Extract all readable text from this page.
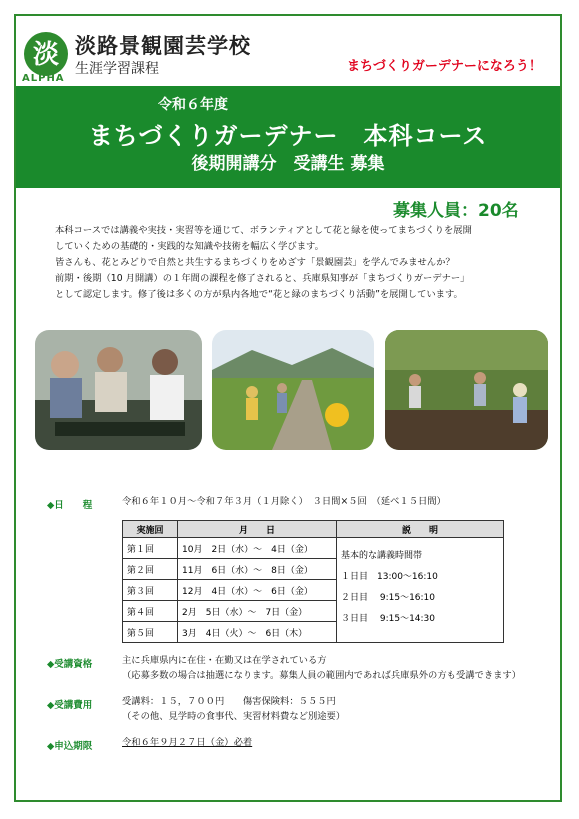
淡
ALPHA
淡路景観園芸学校
生涯学習課程	まちづくりガーデナーになろう！
令和６年度
まちづくりガーデナー　本科コース
後期開講分　受講生 募集
募集人員：20名

本科コースでは講義や実技・実習等を通じて、ボランティアとして花と緑を使ってまちづくりを展開

していくための基礎的・実践的な知識や技術を幅広く学びます。

皆さんも、花とみどりで自然と共生するまちづくりをめざす「景観園芸」を学んでみませんか？

前期・後期（10 月開講）の１年間の課程を修了されると、兵庫県知事が「まちづくりガーデナー」

として認定します。修了後は多くの方が県内各地で“花と緑のまちづくり活動”を展開しています。

◆日　　程	令和６年１０月～令和７年３月（１月除く）　３日間×５回　（延べ１５日間）
実施回	月　　日	説　　明
第１回	10月　2日（水）～　4日（金）	基本的な講義時間帯
１日目　13:00～16:10
２日目　 9:15～16:10
３日目　 9:15～14:30

第２回	11月　6日（水）～　8日（金）	
第３回	12月　4日（水）～　6日（金）	
第４回	2月　5日（水）～　7日（金）	
第５回	3月　4日（火）～　6日（木）	
◆受講資格	主に兵庫県内に在住・在勤又は在学されている方
（応募多数の場合は抽選になります。募集人員の範囲内であれば兵庫県外の方も受講できます）
◆受講費用	受講料：１５，７００円　　傷害保険料：５５５円
（その他、見学時の食事代、実習材料費など別途要）
◆申込期限	令和６年９月２７日（金）必着
